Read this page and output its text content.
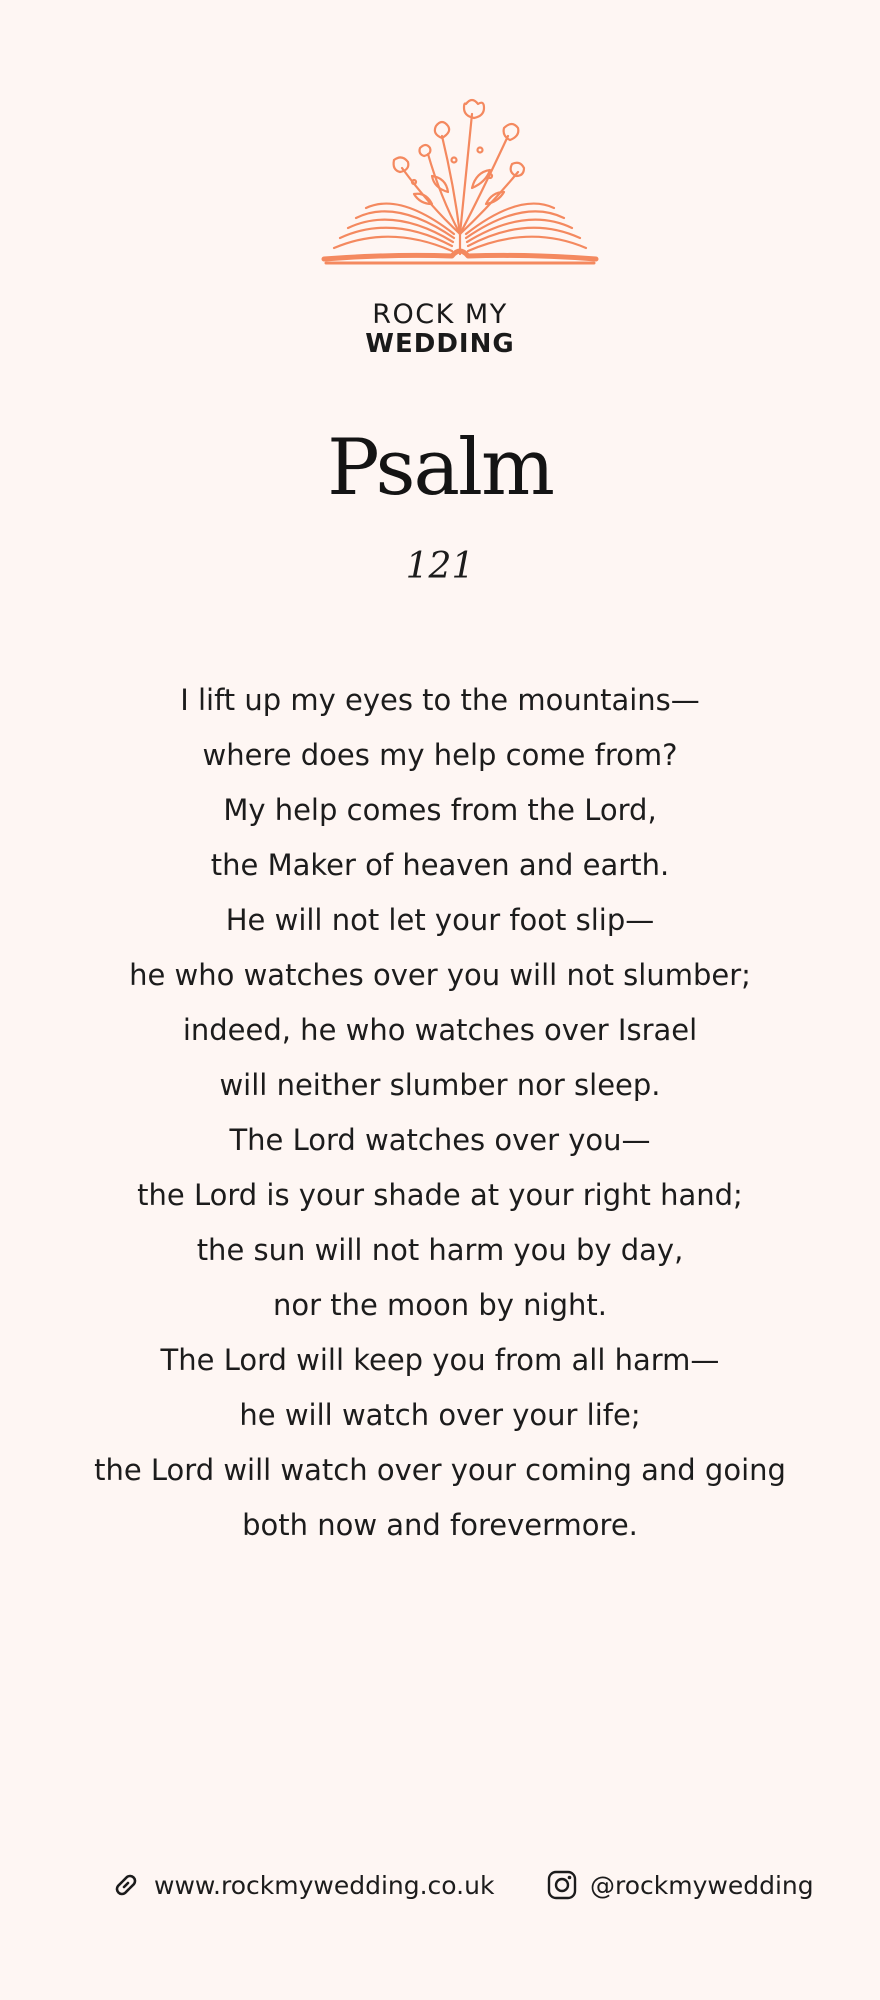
ROCK MY
WEDDING
Psalm
121
I lift up my eyes to the mountains—
where does my help come from?
My help comes from the Lord,
the Maker of heaven and earth.
He will not let your foot slip—
he who watches over you will not slumber;
indeed, he who watches over Israel
will neither slumber nor sleep.
The Lord watches over you—
the Lord is your shade at your right hand;
the sun will not harm you by day,
nor the moon by night.
The Lord will keep you from all harm—
he will watch over your life;
the Lord will watch over your coming and going
both now and forevermore.
www.rockmywedding.co.uk	@rockmywedding
